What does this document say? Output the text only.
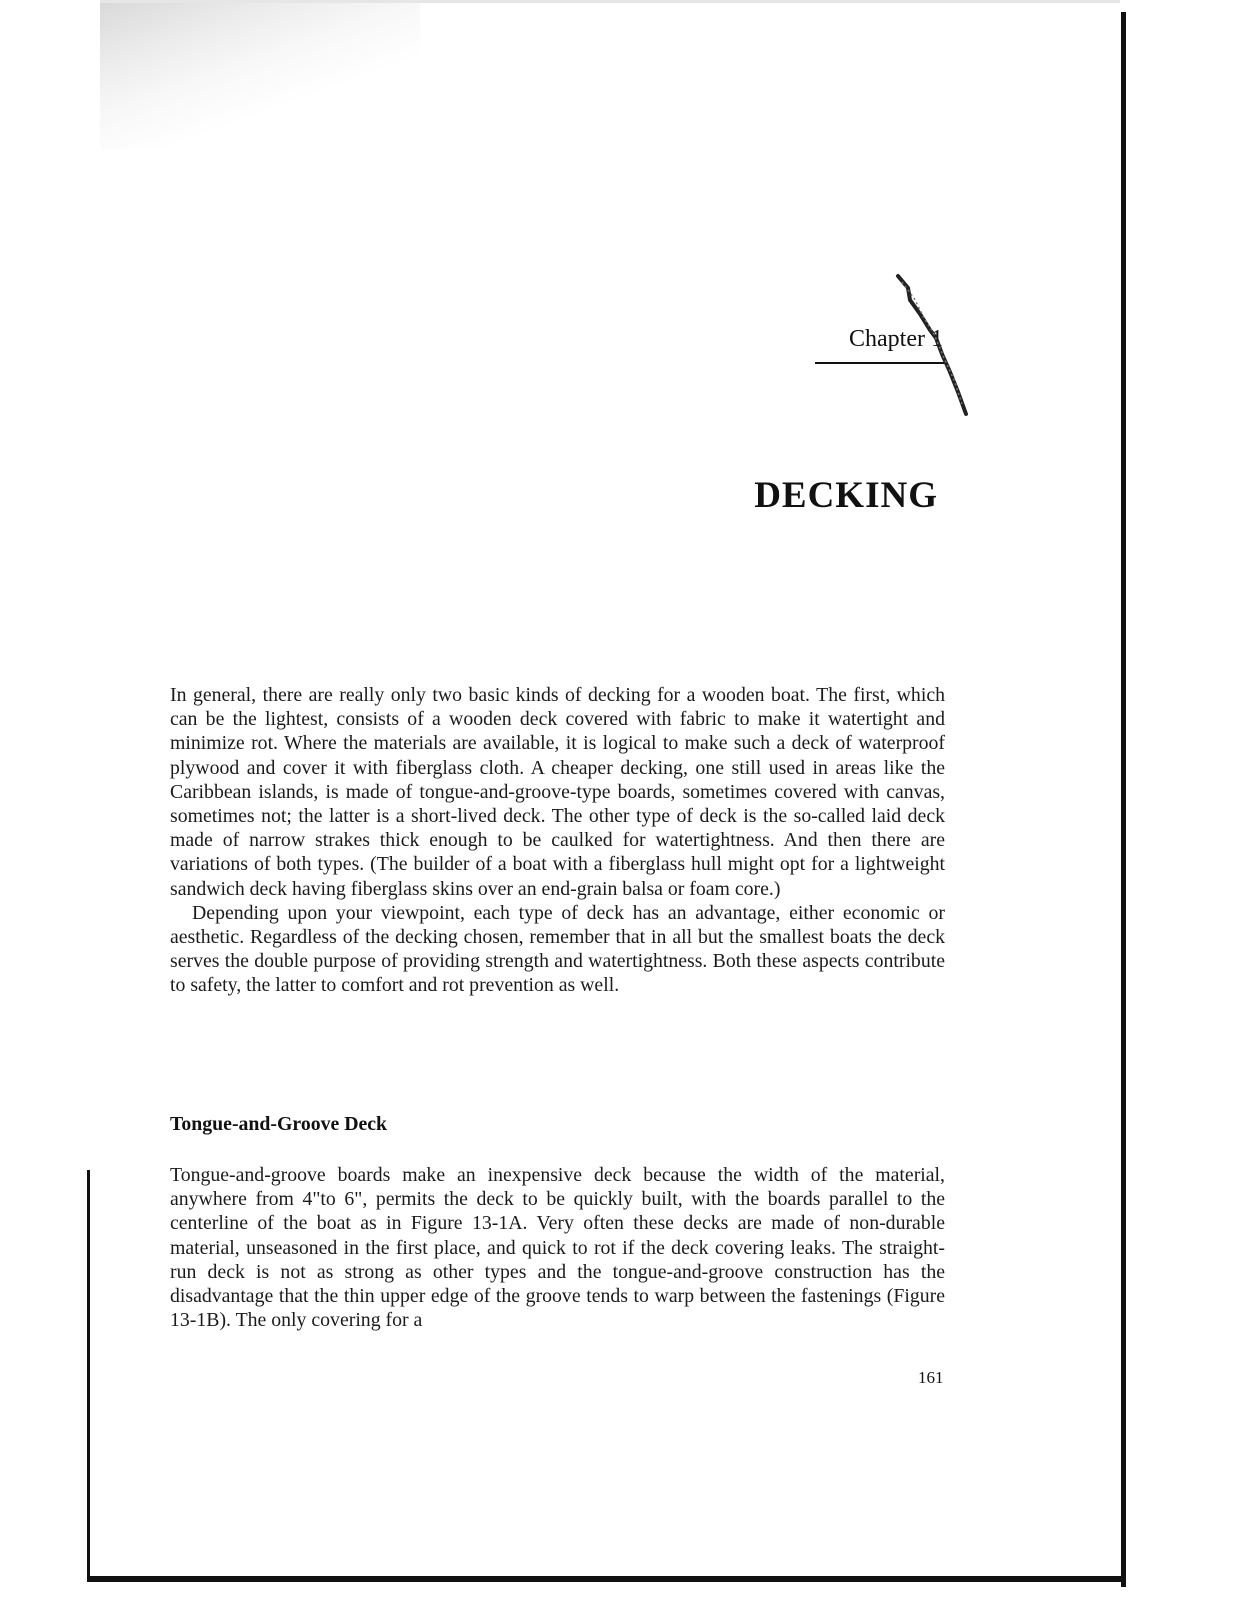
Chapter 1
DECKING

In general, there are really only two basic kinds of decking for a wooden boat. The first, which can be the lightest, consists of a wooden deck covered with fabric to make it watertight and minimize rot. Where the materials are available, it is logical to make such a deck of waterproof plywood and cover it with fiberglass cloth. A cheaper decking, one still used in areas like the Caribbean islands, is made of tongue-and-groove-type boards, sometimes covered with canvas, sometimes not; the latter is a short-lived deck. The other type of deck is the so-called laid deck made of narrow strakes thick enough to be caulked for watertightness. And then there are variations of both types. (The builder of a boat with a fiberglass hull might opt for a lightweight sandwich deck having fiberglass skins over an end-grain balsa or foam core.)

Depending upon your viewpoint, each type of deck has an advantage, either economic or aesthetic. Regardless of the decking chosen, remember that in all but the smallest boats the deck serves the double purpose of providing strength and watertightness. Both these aspects contribute to safety, the latter to comfort and rot prevention as well.

Tongue-and-Groove Deck

Tongue-and-groove boards make an inexpensive deck because the width of the material, anywhere from 4"to 6", permits the deck to be quickly built, with the boards parallel to the centerline of the boat as in Figure 13-1A. Very often these decks are made of non-durable material, unseasoned in the first place, and quick to rot if the deck covering leaks. The straight-run deck is not as strong as other types and the tongue-and-groove construction has the disadvantage that the thin upper edge of the groove tends to warp between the fastenings (Figure 13-1B). The only covering for a

161
